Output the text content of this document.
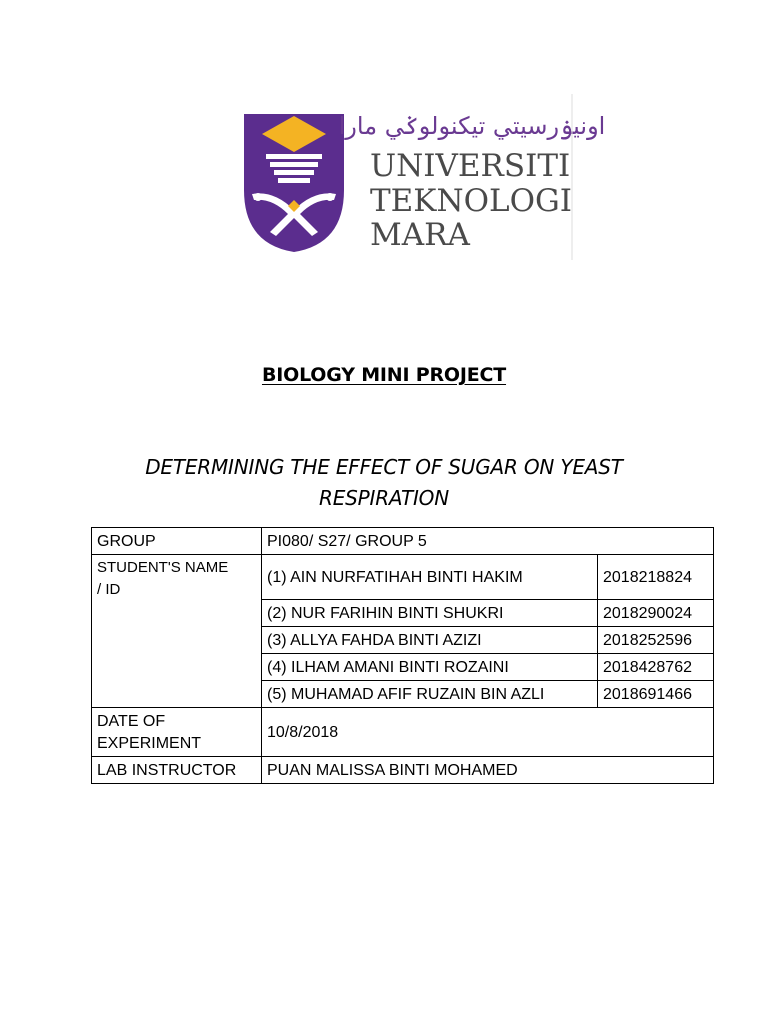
اونيۏرسيتي تيكنولوݢي مارا
UNIVERSITI
TEKNOLOGI
MARA
BIOLOGY MINI PROJECT
DETERMINING THE EFFECT OF SUGAR ON YEAST
RESPIRATION
GROUP	PI080/ S27/ GROUP 5	

STUDENT'S NAME
/ ID	(1) AIN NURFATIHAH BINTI HAKIM	2018218824
	(2) NUR FARIHIN BINTI SHUKRI	2018290024
	(3) ALLYA FAHDA BINTI AZIZI	2018252596
	(4) ILHAM AMANI BINTI ROZAINI	2018428762
	(5) MUHAMAD AFIF RUZAIN BIN AZLI	2018691466

DATE OF
EXPERIMENT	10/8/2018	
LAB INSTRUCTOR	PUAN MALISSA BINTI MOHAMED	
